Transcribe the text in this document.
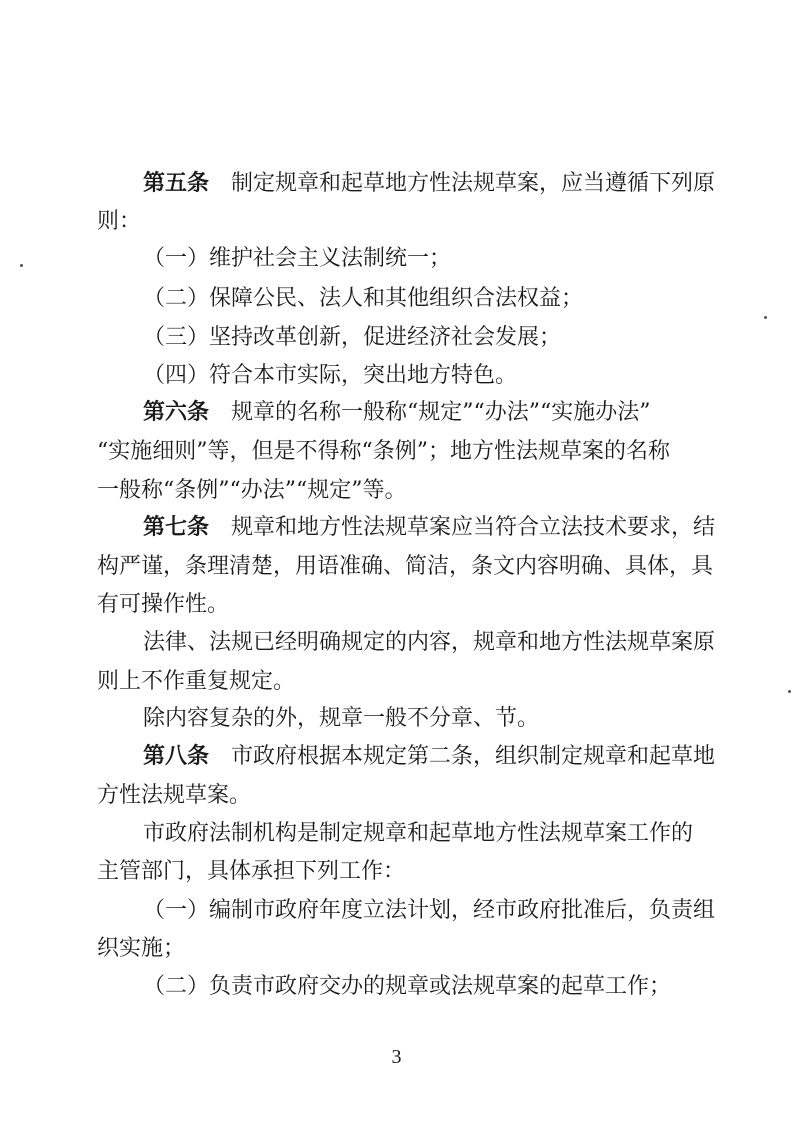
第五条 制定规章和起草地方性法规草案，应当遵循下列原

则：

（一）维护社会主义法制统一；

（二）保障公民、法人和其他组织合法权益；

（三）坚持改革创新，促进经济社会发展；

（四）符合本市实际，突出地方特色。

第六条 规章的名称一般称“规定”“办法”“实施办法”

“实施细则”等，但是不得称“条例”；地方性法规草案的名称

一般称“条例”“办法”“规定”等。

第七条 规章和地方性法规草案应当符合立法技术要求，结

构严谨，条理清楚，用语准确、简洁，条文内容明确、具体，具

有可操作性。

法律、法规已经明确规定的内容，规章和地方性法规草案原

则上不作重复规定。

除内容复杂的外，规章一般不分章、节。

第八条 市政府根据本规定第二条，组织制定规章和起草地

方性法规草案。

市政府法制机构是制定规章和起草地方性法规草案工作的

主管部门，具体承担下列工作：

（一）编制市政府年度立法计划，经市政府批准后，负责组

织实施；

（二）负责市政府交办的规章或法规草案的起草工作；

3
